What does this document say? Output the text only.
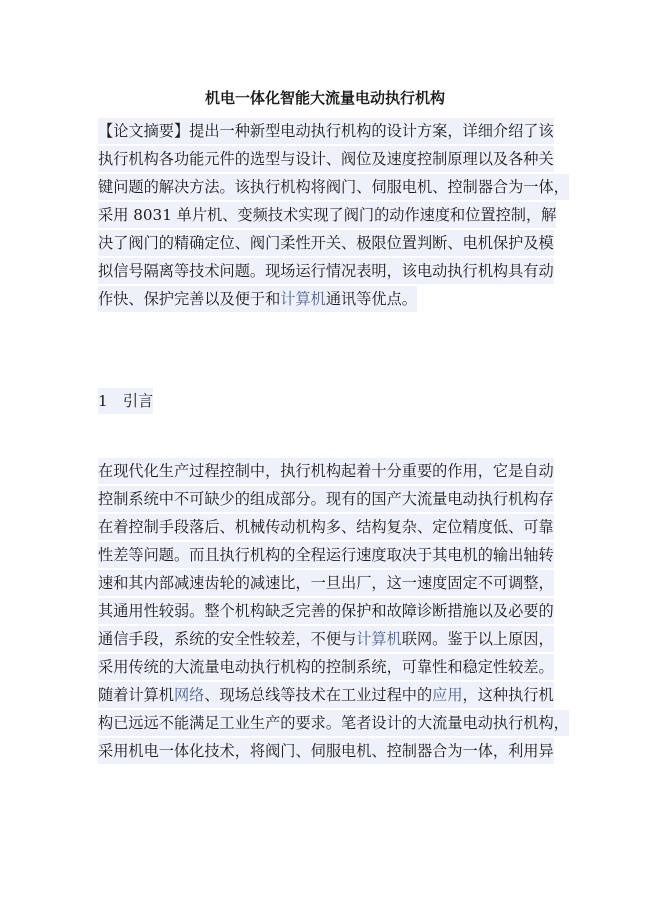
机电一体化智能大流量电动执行机构
【论文摘要】提出一种新型电动执行机构的设计方案，详细介绍了该
执行机构各功能元件的选型与设计、阀位及速度控制原理以及各种关
键问题的解决方法。该执行机构将阀门、伺服电机、控制器合为一体，
采用 8031 单片机、变频技术实现了阀门的动作速度和位置控制，解
决了阀门的精确定位、阀门柔性开关、极限位置判断、电机保护及模
拟信号隔离等技术问题。现场运行情况表明，该电动执行机构具有动
作快、保护完善以及便于和计算机通讯等优点。
1　引言
在现代化生产过程控制中，执行机构起着十分重要的作用，它是自动
控制系统中不可缺少的组成部分。现有的国产大流量电动执行机构存
在着控制手段落后、机械传动机构多、结构复杂、定位精度低、可靠
性差等问题。而且执行机构的全程运行速度取决于其电机的输出轴转
速和其内部减速齿轮的减速比，一旦出厂，这一速度固定不可调整，
其通用性较弱。整个机构缺乏完善的保护和故障诊断措施以及必要的
通信手段，系统的安全性较差，不便与计算机联网。鉴于以上原因，
采用传统的大流量电动执行机构的控制系统，可靠性和稳定性较差。
随着计算机网络、现场总线等技术在工业过程中的应用，这种执行机
构已远远不能满足工业生产的要求。笔者设计的大流量电动执行机构，
采用机电一体化技术，将阀门、伺服电机、控制器合为一体，利用异
